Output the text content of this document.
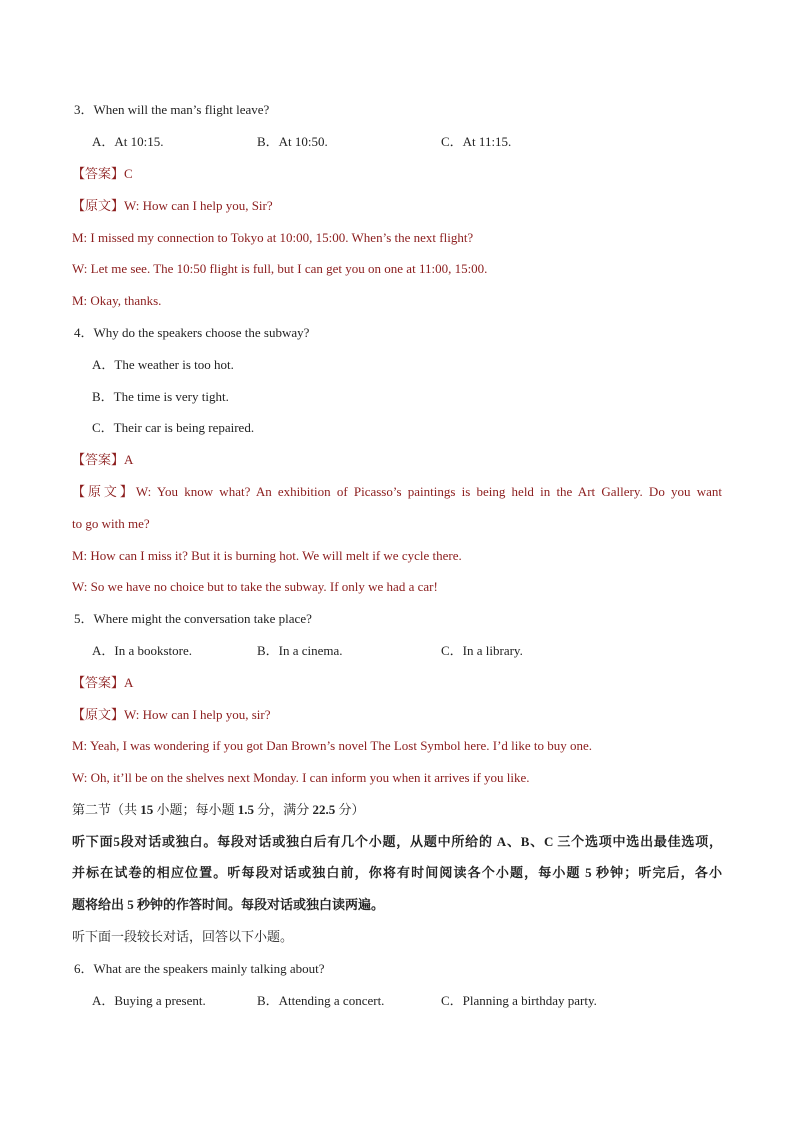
3．When will the man’s flight leave?
A．At 10:15.	B．At 10:50.	C．At 11:15.
【答案】C
【原文】W: How can I help you, Sir?
M: I missed my connection to Tokyo at 10:00, 15:00. When’s the next flight?
W: Let me see. The 10:50 flight is full, but I can get you on one at 11:00, 15:00.
M: Okay, thanks.
4．Why do the speakers choose the subway?
A．The weather is too hot.
B．The time is very tight.
C．Their car is being repaired.
【答案】A
【原文】W: You know what? An exhibition of Picasso’s paintings is being held in the Art Gallery. Do you want
to go with me?
M: How can I miss it? But it is burning hot. We will melt if we cycle there.
W: So we have no choice but to take the subway. If only we had a car!
5．Where might the conversation take place?
A．In a bookstore.	B．In a cinema.	C．In a library.
【答案】A
【原文】W: How can I help you, sir?
M: Yeah, I was wondering if you got Dan Brown’s novel The Lost Symbol here. I’d like to buy one.
W: Oh, it’ll be on the shelves next Monday. I can inform you when it arrives if you like.
第二节（共 15 小题；每小题 1.5 分，满分 22.5 分）
听下面5段对话或独白。每段对话或独白后有几个小题，从题中所给的 A、B、C 三个选项中选出最佳选项，
并标在试卷的相应位置。听每段对话或独白前，你将有时间阅读各个小题，每小题 5 秒钟；听完后，各小
题将给出 5 秒钟的作答时间。每段对话或独白读两遍。
听下面一段较长对话，回答以下小题。
6．What are the speakers mainly talking about?
A．Buying a present.	B．Attending a concert.	C．Planning a birthday party.
